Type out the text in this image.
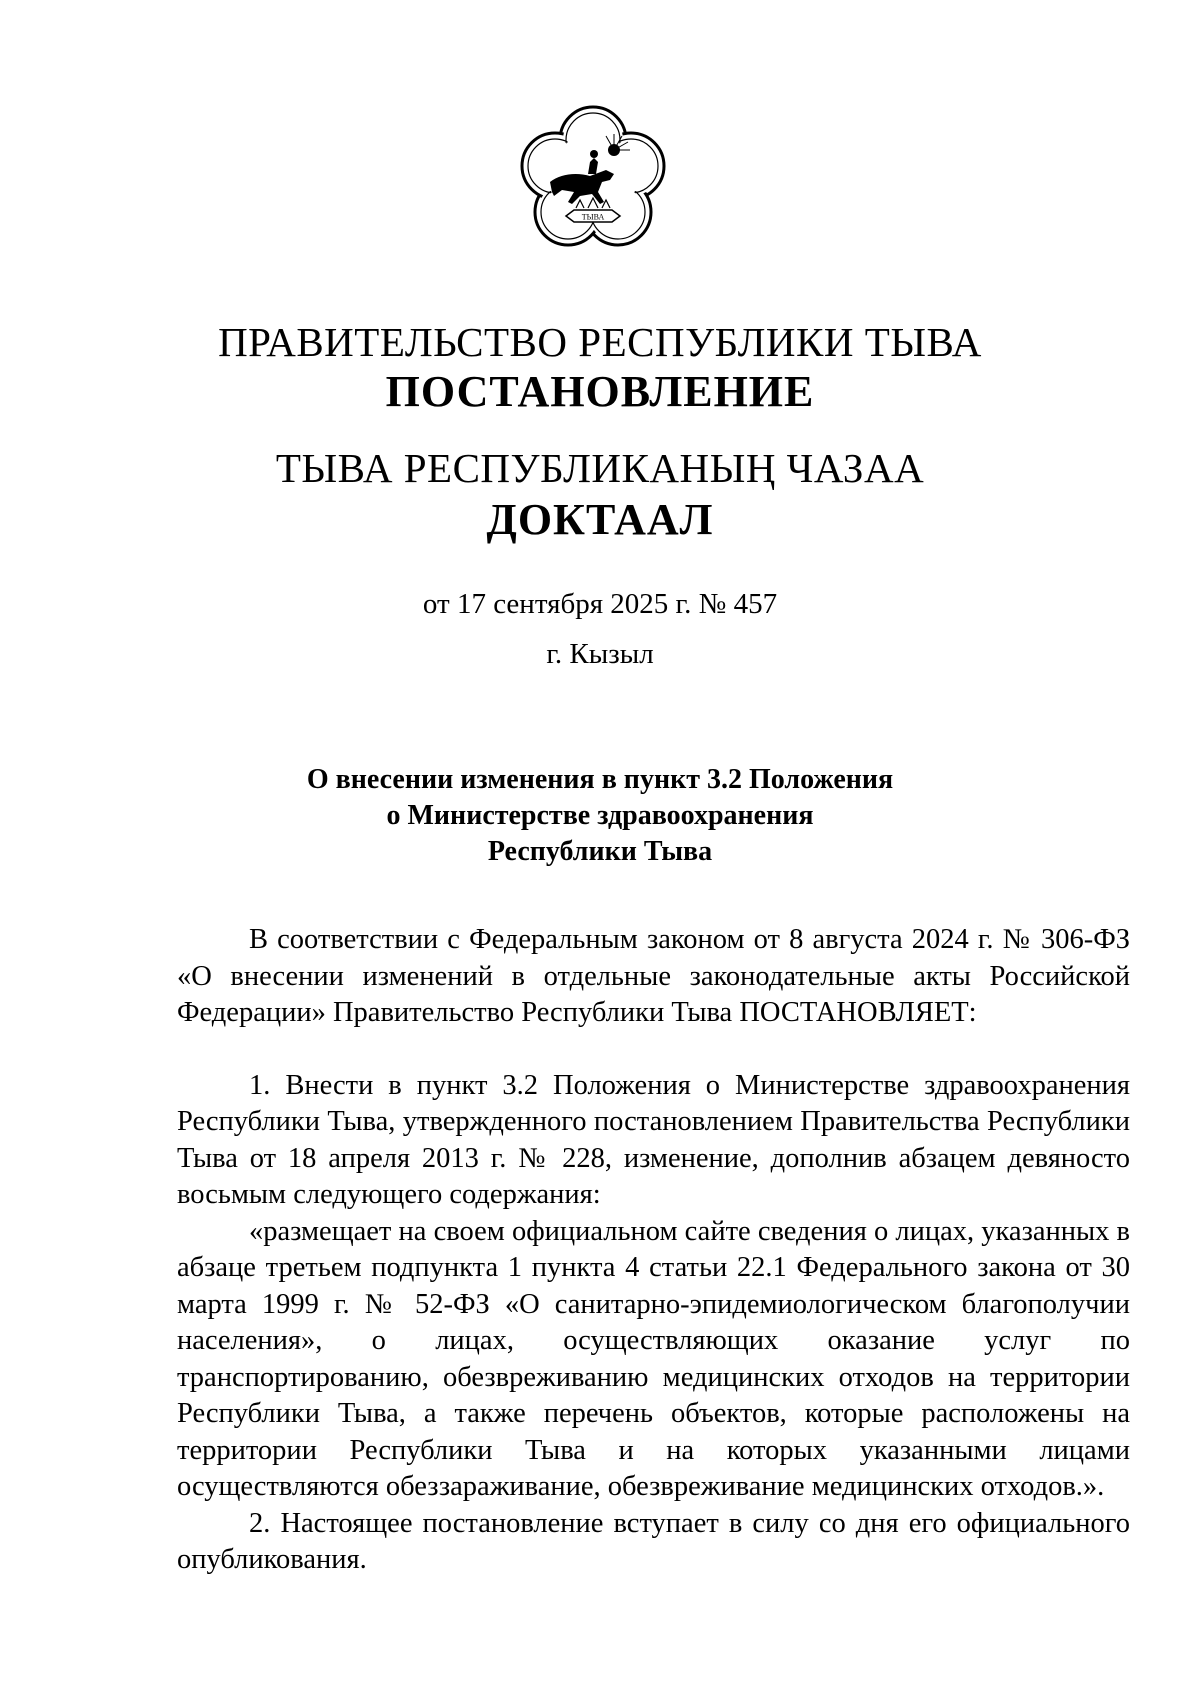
ТЫВА
ПРАВИТЕЛЬСТВО РЕСПУБЛИКИ ТЫВА
ПОСТАНОВЛЕНИЕ
ТЫВА РЕСПУБЛИКАНЫҢ ЧАЗАА
ДОКТААЛ
от 17 сентября 2025 г. № 457
г. Кызыл
О внесении изменения в пункт 3.2 Положения
о Министерстве здравоохранения
Республики Тыва

В соответствии с Федеральным законом от 8 августа 2024 г. № 306-ФЗ «О внесении изменений в отдельные законодательные акты Российской Федерации» Правительство Республики Тыва ПОСТАНОВЛЯЕТ:

1. Внести в пункт 3.2 Положения о Министерстве здравоохранения Республики Тыва, утвержденного постановлением Правительства Республики Тыва от 18 апреля 2013 г. № 228, изменение, дополнив абзацем девяносто восьмым следующего содержания:

«размещает на своем официальном сайте сведения о лицах, указанных в абзаце третьем подпункта 1 пункта 4 статьи 22.1 Федерального закона от 30 марта 1999 г. № 52-ФЗ «О санитарно-эпидемиологическом благополучии населения», о лицах, осуществляющих оказание услуг по транспортированию, обезвреживанию медицинских отходов на территории Республики Тыва, а также перечень объектов, которые расположены на территории Республики Тыва и на которых указанными лицами осуществляются обеззараживание, обезвреживание медицинских отходов.».

2. Настоящее постановление вступает в силу со дня его официального опубликования.
